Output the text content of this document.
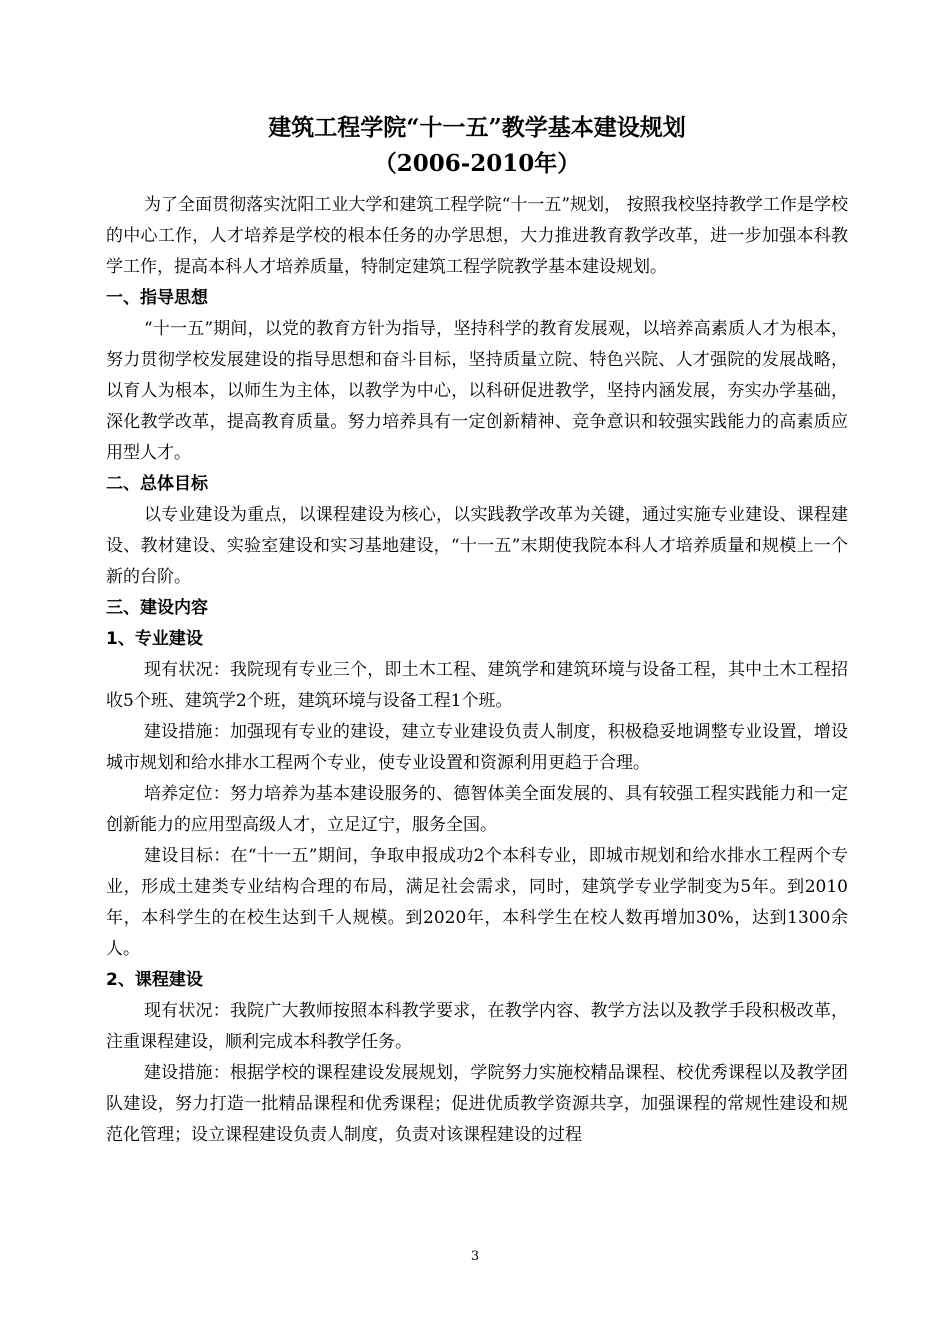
建筑工程学院“十一五”教学基本建设规划

（2006-2010年）

为了全面贯彻落实沈阳工业大学和建筑工程学院“十一五”规划， 按照我校坚持教学工作是学校的中心工作，人才培养是学校的根本任务的办学思想，大力推进教育教学改革，进一步加强本科教学工作，提高本科人才培养质量，特制定建筑工程学院教学基本建设规划。

一、指导思想

“十一五”期间，以党的教育方针为指导，坚持科学的教育发展观，以培养高素质人才为根本，努力贯彻学校发展建设的指导思想和奋斗目标，坚持质量立院、特色兴院、人才强院的发展战略，以育人为根本，以师生为主体，以教学为中心，以科研促进教学，坚持内涵发展，夯实办学基础，深化教学改革，提高教育质量。努力培养具有一定创新精神、竞争意识和较强实践能力的高素质应用型人才。

二、总体目标

以专业建设为重点，以课程建设为核心，以实践教学改革为关键，通过实施专业建设、课程建设、教材建设、实验室建设和实习基地建设，“十一五”末期使我院本科人才培养质量和规模上一个新的台阶。

三、建设内容

1、专业建设

现有状况：我院现有专业三个，即土木工程、建筑学和建筑环境与设备工程，其中土木工程招收5个班、建筑学2个班，建筑环境与设备工程1个班。

建设措施：加强现有专业的建设，建立专业建设负责人制度，积极稳妥地调整专业设置，增设城市规划和给水排水工程两个专业，使专业设置和资源利用更趋于合理。

培养定位：努力培养为基本建设服务的、德智体美全面发展的、具有较强工程实践能力和一定创新能力的应用型高级人才，立足辽宁，服务全国。

建设目标：在“十一五”期间，争取申报成功2个本科专业，即城市规划和给水排水工程两个专业，形成土建类专业结构合理的布局，满足社会需求，同时，建筑学专业学制变为5年。到2010年，本科学生的在校生达到千人规模。到2020年，本科学生在校人数再增加30%，达到1300余人。

2、课程建设

现有状况：我院广大教师按照本科教学要求，在教学内容、教学方法以及教学手段积极改革，注重课程建设，顺利完成本科教学任务。

建设措施：根据学校的课程建设发展规划，学院努力实施校精品课程、校优秀课程以及教学团队建设，努力打造一批精品课程和优秀课程；促进优质教学资源共享，加强课程的常规性建设和规范化管理；设立课程建设负责人制度，负责对该课程建设的过程

3
